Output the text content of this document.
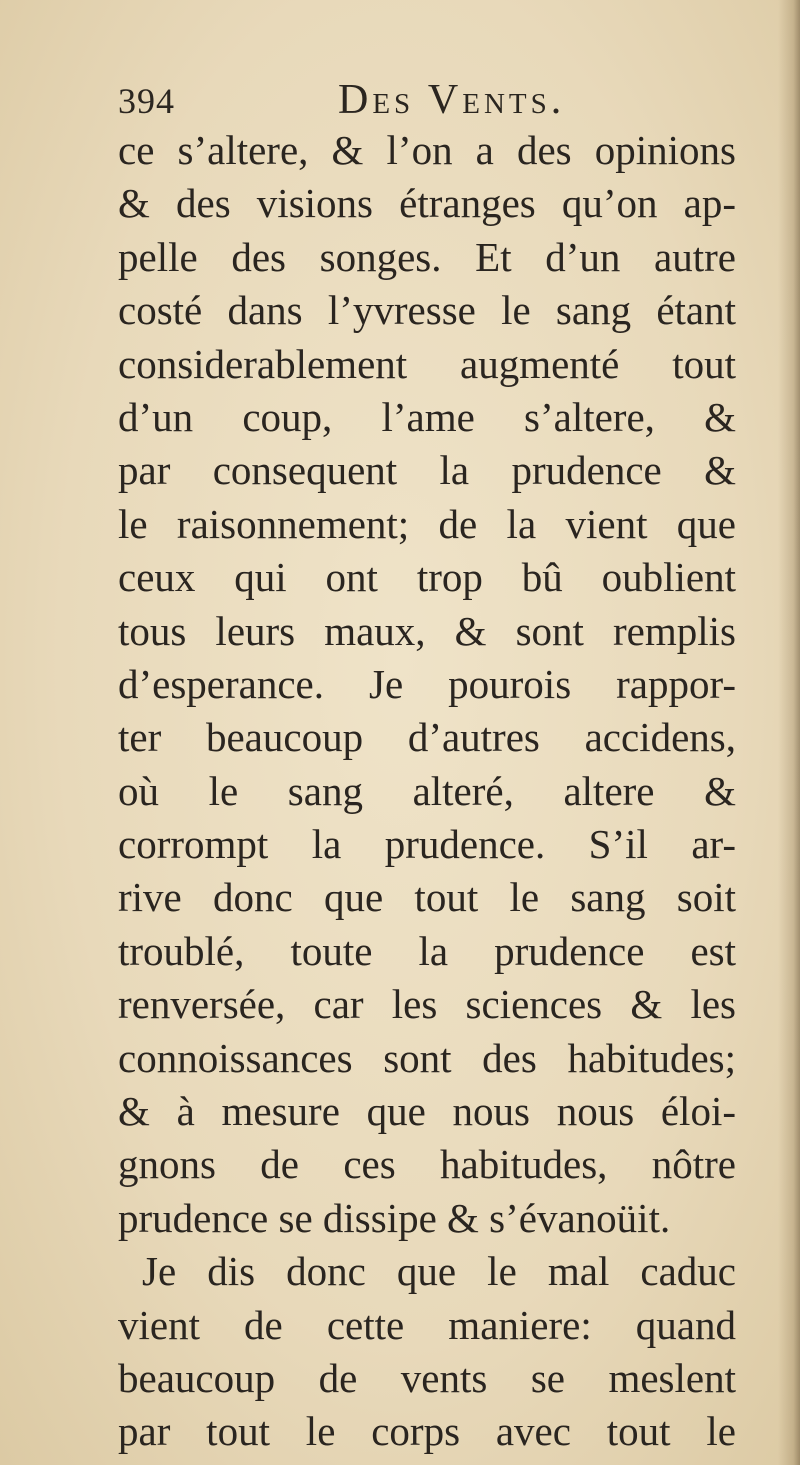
394	Des Vents.
ce s’altere, & l’on a des opinions
& des visions étranges qu’on ap-
pelle des songes. Et d’un autre
costé dans l’yvresse le sang étant
considerablement augmenté tout
d’un coup, l’ame s’altere, &
par consequent la prudence &
le raisonnement; de la vient que
ceux qui ont trop bû oublient
tous leurs maux, & sont remplis
d’esperance. Je pourois rappor-
ter beaucoup d’autres accidens,
où le sang alteré, altere &
corrompt la prudence. S’il ar-
rive donc que tout le sang soit
troublé, toute la prudence est
renversée, car les sciences & les
connoissances sont des habitudes;
& à mesure que nous nous éloi-
gnons de ces habitudes, nôtre
prudence se dissipe & s’évanoüit.
Je dis donc que le mal caduc
vient de cette maniere: quand
beaucoup de vents se meslent
par tout le corps avec tout le
